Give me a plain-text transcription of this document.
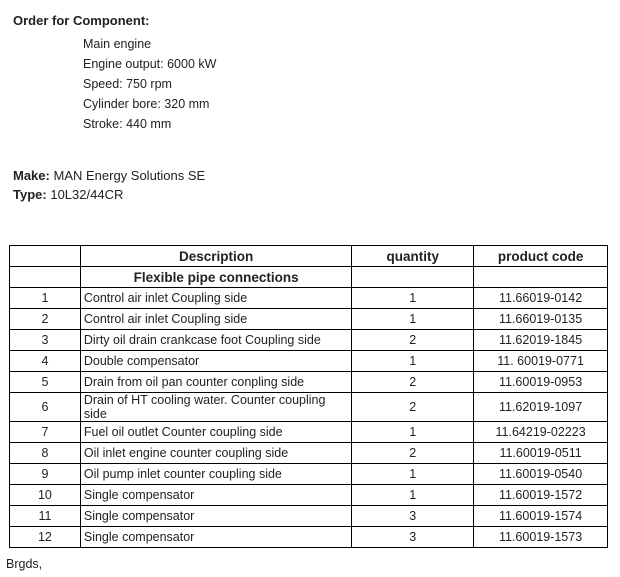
Order for Component:
Main engine
Engine output: 6000 kW
Speed: 750 rpm
Cylinder bore: 320 mm
Stroke: 440 mm
Make: MAN Energy Solutions SE
Type: 10L32/44CR
	Description	quantity	product code
	Flexible pipe connections		
1	Control air inlet Coupling side	1	11.66019-0142
2	Control air inlet Coupling side	1	11.66019-0135
3	Dirty oil drain crankcase foot Coupling side	2	11.62019-1845
4	Double compensator	1	11. 60019-0771
5	Drain from oil pan counter conpling side	2	11.60019-0953
6	Drain of HT cooling water. Counter coupling side	2	11.62019-1097
7	Fuel oil outlet Counter coupling side	1	11.64219-02223
8	Oil inlet engine counter coupling side	2	11.60019-0511
9	Oil pump inlet counter coupling side	1	11.60019-0540
10	Single compensator	1	11.60019-1572
11	Single compensator	3	11.60019-1574
12	Single compensator	3	11.60019-1573
Brgds,
